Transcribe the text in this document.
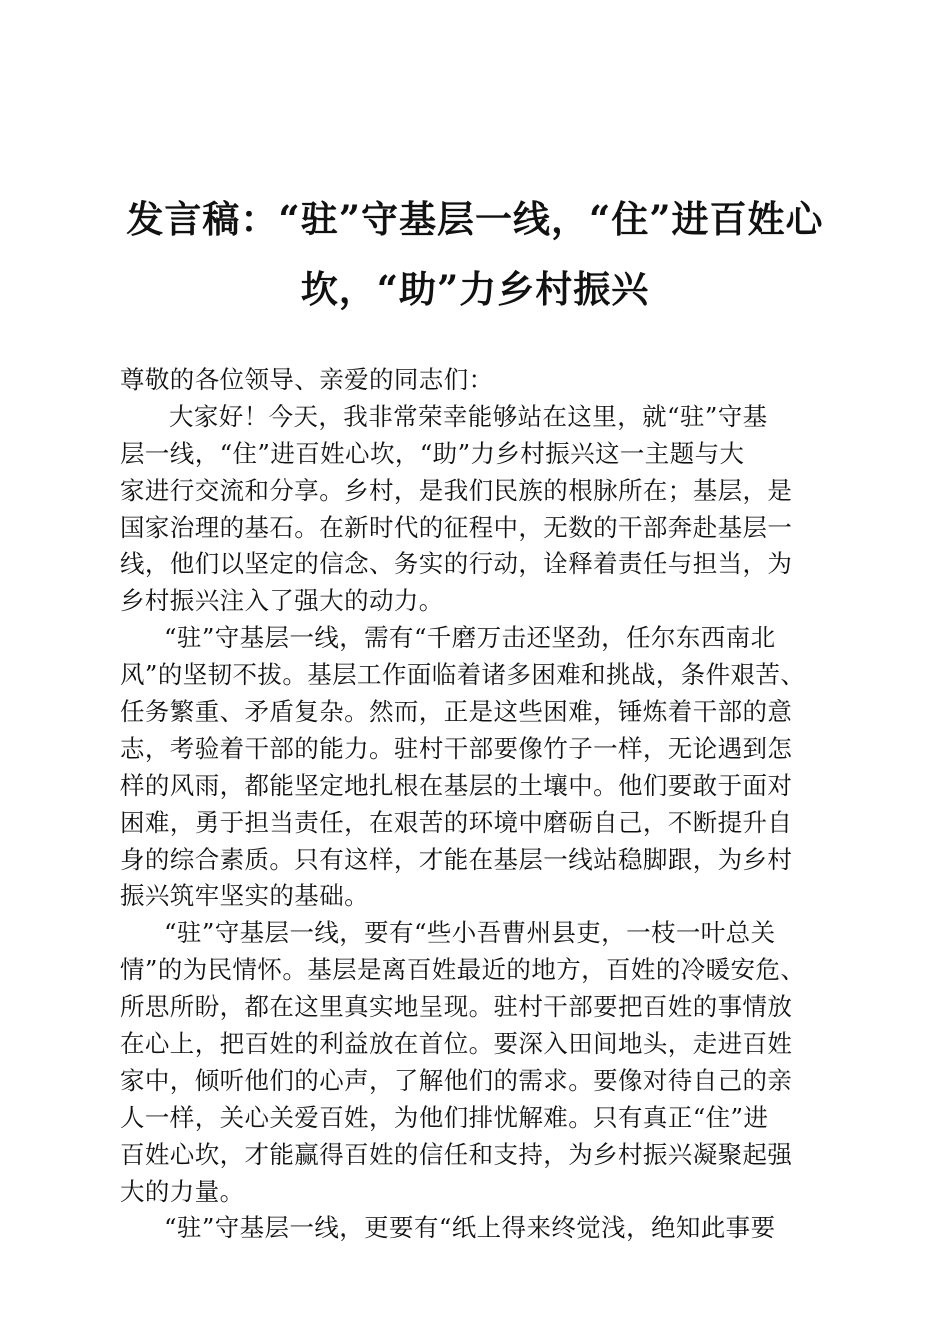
发言稿：“驻”守基层一线，“住”进百姓心
坎，“助”力乡村振兴
尊敬的各位领导、亲爱的同志们：
大家好！今天，我非常荣幸能够站在这里，就“驻”守基
层一线，“住”进百姓心坎，“助”力乡村振兴这一主题与大
家进行交流和分享。乡村，是我们民族的根脉所在；基层，是
国家治理的基石。在新时代的征程中，无数的干部奔赴基层一
线，他们以坚定的信念、务实的行动，诠释着责任与担当，为
乡村振兴注入了强大的动力。
“驻”守基层一线，需有“千磨万击还坚劲，任尔东西南北
风”的坚韧不拔。基层工作面临着诸多困难和挑战，条件艰苦、
任务繁重、矛盾复杂。然而，正是这些困难，锤炼着干部的意
志，考验着干部的能力。驻村干部要像竹子一样，无论遇到怎
样的风雨，都能坚定地扎根在基层的土壤中。他们要敢于面对
困难，勇于担当责任，在艰苦的环境中磨砺自己，不断提升自
身的综合素质。只有这样，才能在基层一线站稳脚跟，为乡村
振兴筑牢坚实的基础。
“驻”守基层一线，要有“些小吾曹州县吏，一枝一叶总关
情”的为民情怀。基层是离百姓最近的地方，百姓的冷暖安危、
所思所盼，都在这里真实地呈现。驻村干部要把百姓的事情放
在心上，把百姓的利益放在首位。要深入田间地头，走进百姓
家中，倾听他们的心声，了解他们的需求。要像对待自己的亲
人一样，关心关爱百姓，为他们排忧解难。只有真正“住”进
百姓心坎，才能赢得百姓的信任和支持，为乡村振兴凝聚起强
大的力量。
“驻”守基层一线，更要有“纸上得来终觉浅，绝知此事要
